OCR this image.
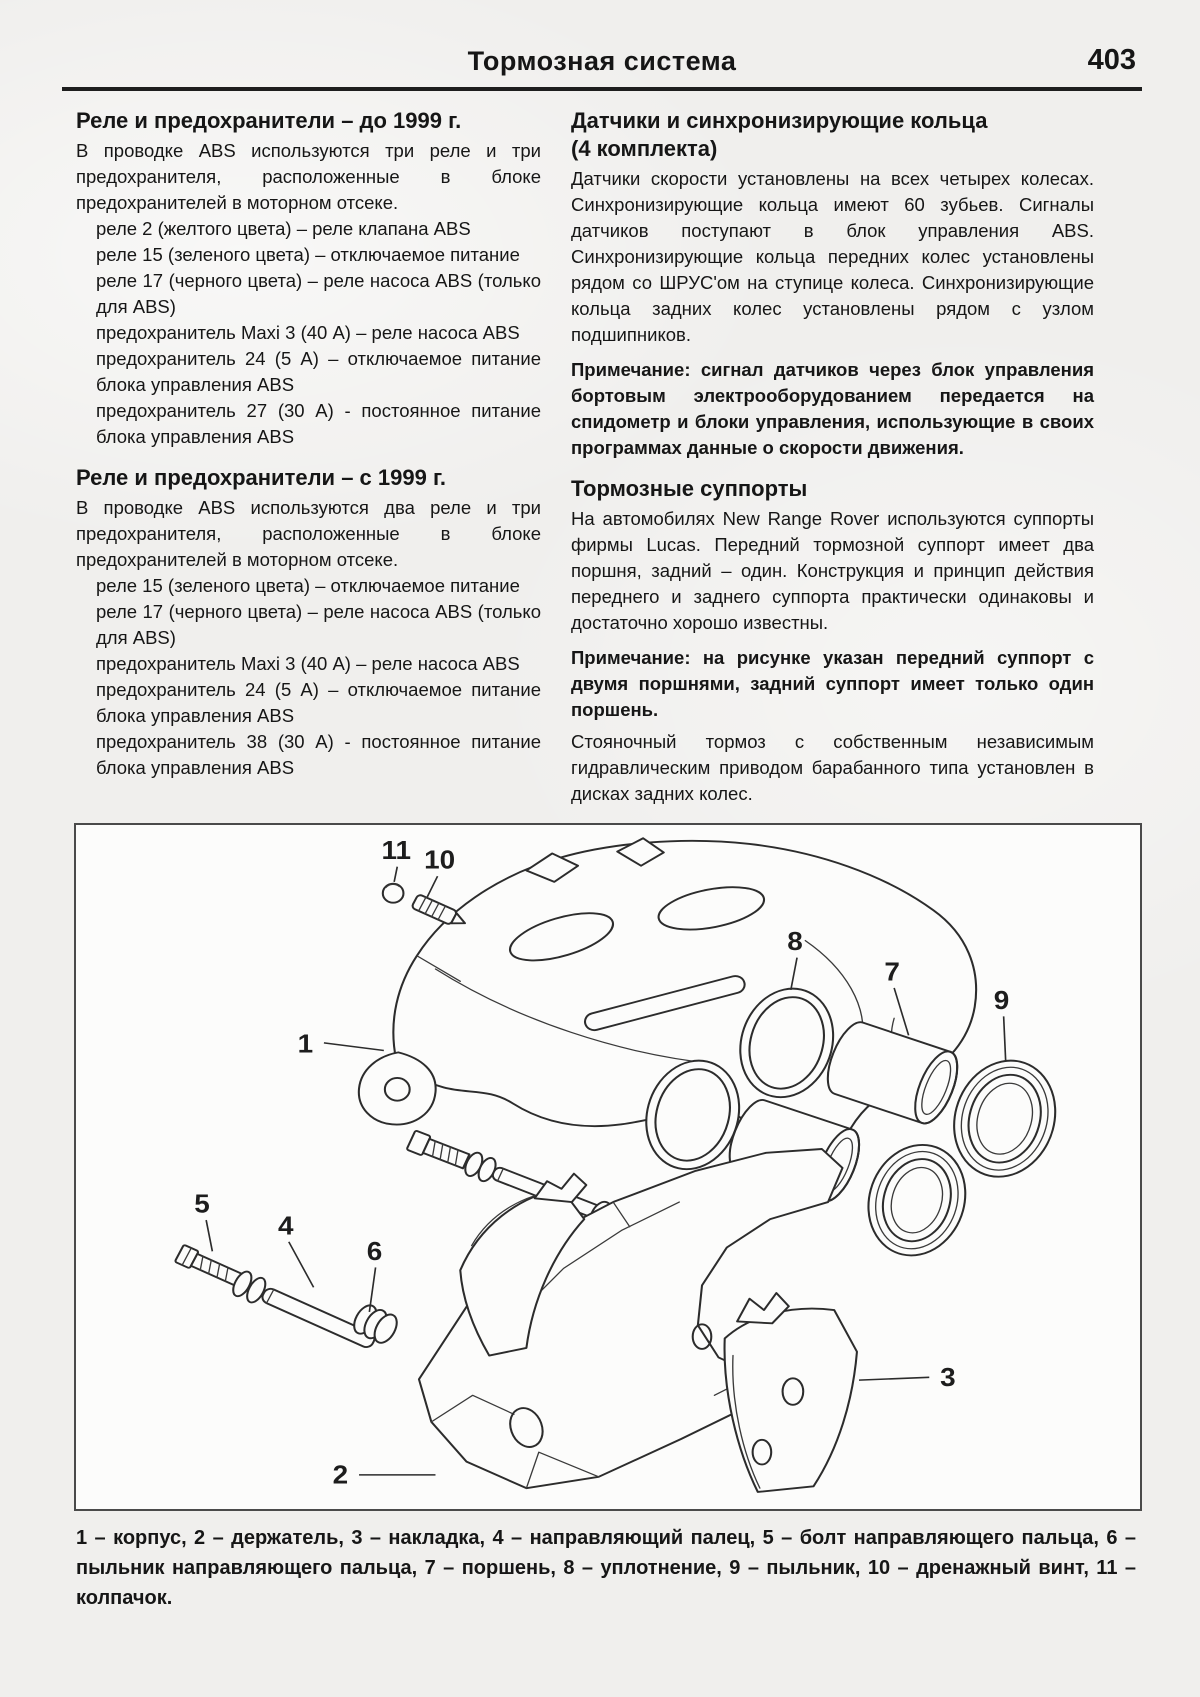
Тормозная система	403
Реле и предохранители – до 1999 г.

В проводке ABS используются три реле и три предохранителя, расположенные в блоке предохранителей в моторном отсеке.

реле 2 (желтого цвета) – реле клапана ABS
реле 15 (зеленого цвета) – отключаемое питание
реле 17 (черного цвета) – реле насоса ABS (только для ABS)
предохранитель Maxi 3 (40 А) – реле насоса ABS
предохранитель 24 (5 А) – отключаемое питание блока управления ABS
предохранитель 27 (30 А) - постоянное питание блока управления ABS
Реле и предохранители – с 1999 г.

В проводке ABS используются два реле и три предохранителя, расположенные в блоке предохранителей в моторном отсеке.

реле 15 (зеленого цвета) – отключаемое питание
реле 17 (черного цвета) – реле насоса ABS (только для ABS)
предохранитель Maxi 3 (40 А) – реле насоса ABS
предохранитель 24 (5 А) – отключаемое питание блока управления ABS
предохранитель 38 (30 А) - постоянное питание блока управления ABS
Датчики и синхронизирующие кольца
(4 комплекта)

Датчики скорости установлены на всех четырех колесах. Синхронизирующие кольца имеют 60 зубьев. Сигналы датчиков поступают в блок управления ABS. Синхронизирующие кольца передних колес установлены рядом со ШРУС'ом на ступице колеса. Синхронизирующие кольца задних колес установлены рядом с узлом подшипников.

Примечание: сигнал датчиков через блок управления бортовым электрооборудованием передается на спидометр и блоки управления, использующие в своих программах данные о скорости движения.

Тормозные суппорты

На автомобилях New Range Rover используются суппорты фирмы Lucas. Передний тормозной суппорт имеет два поршня, задний – один. Конструкция и принцип действия переднего и заднего суппорта практически одинаковы и достаточно хорошо известны.

Примечание: на рисунке указан передний суппорт с двумя поршнями, задний суппорт имеет только один поршень.

Стояночный тормоз с собственным независимым гидравлическим приводом барабанного типа установлен в дисках задних колес.

1
2
3
4
5
6
7
8
9
10
11

1 – корпус, 2 – держатель, 3 – накладка, 4 – направляющий палец, 5 – болт направляющего пальца, 6 – пыльник направляющего пальца, 7 – поршень, 8 – уплотнение, 9 – пыльник, 10 – дренажный винт, 11 – колпачок.
